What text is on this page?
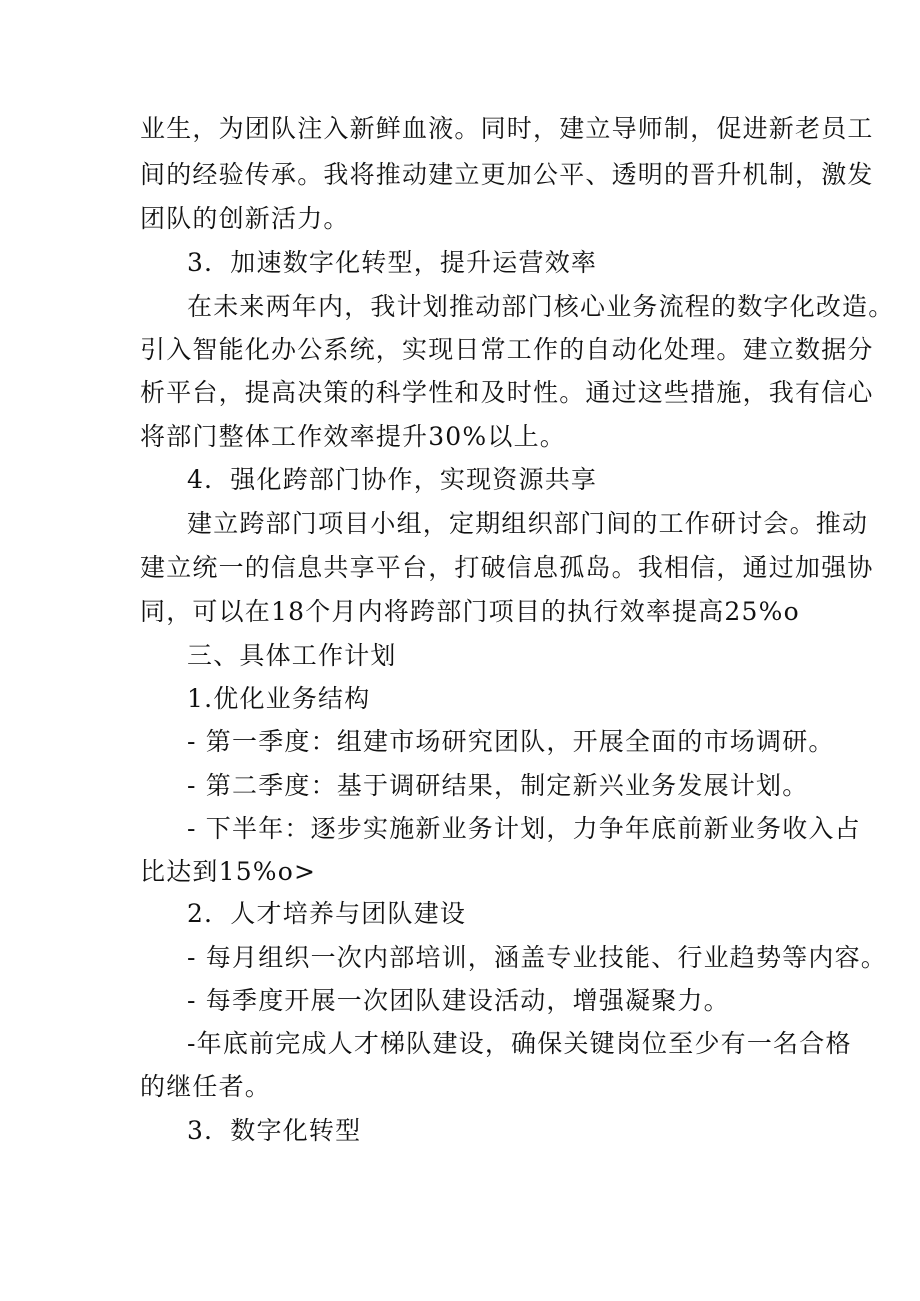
业生，为团队注入新鲜血液。同时，建立导师制，促进新老员工
间的经验传承。我将推动建立更加公平、透明的晋升机制，激发
团队的创新活力。
3．加速数字化转型，提升运营效率
在未来两年内，我计划推动部门核心业务流程的数字化改造。
引入智能化办公系统，实现日常工作的自动化处理。建立数据分
析平台，提高决策的科学性和及时性。通过这些措施，我有信心
将部门整体工作效率提升30%以上。
4．强化跨部门协作，实现资源共享
建立跨部门项目小组，定期组织部门间的工作研讨会。推动
建立统一的信息共享平台，打破信息孤岛。我相信，通过加强协
同，可以在18个月内将跨部门项目的执行效率提高25%o
三、具体工作计划
1.优化业务结构
- 第一季度：组建市场研究团队，开展全面的市场调研。
- 第二季度：基于调研结果，制定新兴业务发展计划。
- 下半年：逐步实施新业务计划，力争年底前新业务收入占
比达到15%o>
2．人才培养与团队建设
- 每月组织一次内部培训，涵盖专业技能、行业趋势等内容。
- 每季度开展一次团队建设活动，增强凝聚力。
-年底前完成人才梯队建设，确保关键岗位至少有一名合格
的继任者。
3．数字化转型
